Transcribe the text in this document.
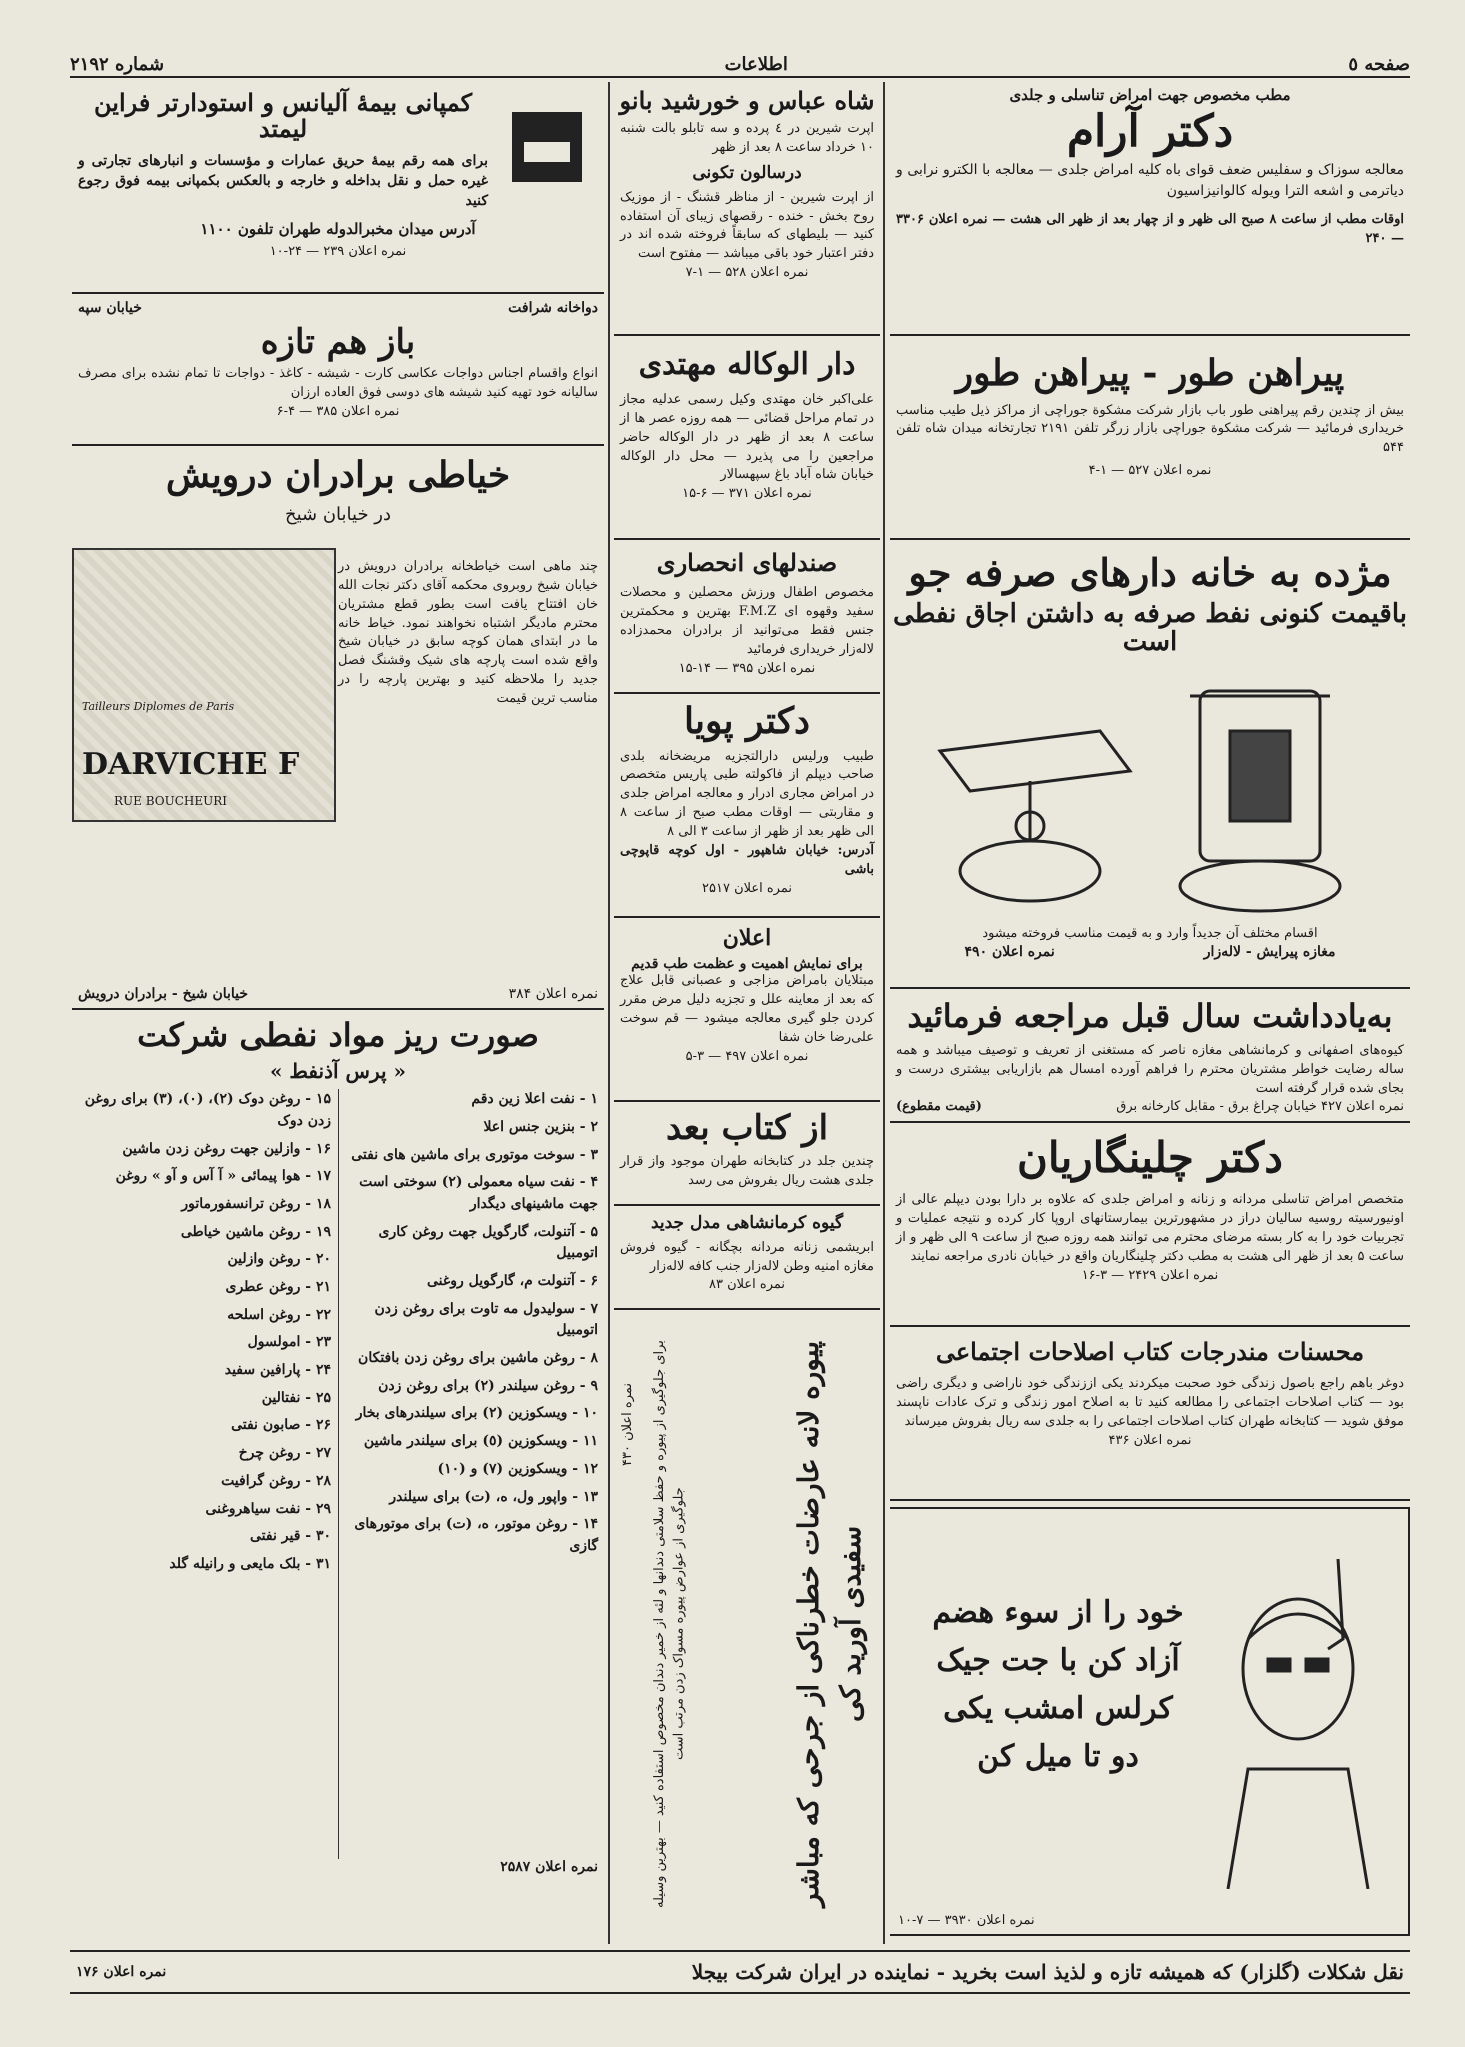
صفحه ٥
اطلاعات
شماره ۲۱۹۲
مطب مخصوص جهت امراض تناسلی و جلدی
دکتر آرام
معالجه سوزاک و سفلیس ضعف قوای باه کلیه امراض جلدی — معالجه با الکترو نرابی و دیاترمی و اشعه الترا ویوله کالوانیزاسیون
اوقات مطب از ساعت ۸ صبح الی ظهر و از چهار بعد از ظهر الی هشت — نمره اعلان ۳۳۰۶ — ۲۴۰
پیراهن طور - پیراهن طور
بیش از چندین رقم پیراهنی طور باب بازار شرکت مشکوة جوراچی از مراکز ذیل طیب مناسب خریداری فرمائید — شرکت مشکوة جوراچی بازار زرگر تلفن ۲۱۹۱ تجارتخانه میدان شاه تلفن ۵۴۴
نمره اعلان ۵۲۷ — ۱-۴
مژده به خانه دارهای صرفه جو
باقیمت کنونی نفط صرفه به داشتن اجاق نفطی است
اقسام مختلف آن جدیداً وارد و به قیمت مناسب فروخته میشود
مغازه پیرایش - لاله‌زار
نمره اعلان ۴۹۰
به‌یادداشت سال قبل مراجعه فرمائید
کیوه‌های اصفهانی و کرمانشاهی مغازه ناصر که مستغنی از تعریف و توصیف میباشد و همه ساله رضایت خواطر مشتریان محترم را فراهم آورده امسال هم بازاریابی بیشتری درست و بجای شده قرار گرفته است
نمره اعلان ۴۲۷ خیابان چراغ برق - مقابل کارخانه برق
(قیمت مقطوع)
دکتر چلینگاریان
متخصص امراض تناسلی مردانه و زنانه و امراض جلدی که علاوه بر دارا بودن دیپلم عالی از اونیورسیته روسیه سالیان دراز در مشهورترین بیمارستانهای اروپا کار کرده و نتیجه عملیات و تجربیات خود را به کار بسته مرضای محترم می توانند همه روزه صبح از ساعت ۹ الی ظهر و از ساعت ۵ بعد از ظهر الی هشت به مطب دکتر چلینگاریان واقع در خیابان نادری مراجعه نمایند
نمره اعلان ۲۴۲۹ — ۳-۱۶
محسنات مندرجات کتاب اصلاحات اجتماعی
دوغر باهم راجع باصول زندگی خود صحبت میکردند یکی اززندگی خود ناراضی و دیگری راضی بود — کتاب اصلاحات اجتماعی را مطالعه کنید تا به اصلاح امور زندگی و ترک عادات ناپسند موفق شوید — کتابخانه طهران کتاب اصلاحات اجتماعی را به جلدی سه ریال بفروش میرساند
نمره اعلان ۴۳۶
خود را از سوء هضم آزاد کن با جت جیک کرلس امشب یکی دو تا میل کن
نمره اعلان ۳۹۳۰ — ۷-۱۰
شاه عباس و خورشید بانو
اپرت شیرین در ٤ پرده و سه تابلو بالت شنبه ١٠ خرداد ساعت ٨ بعد از ظهر
درسالون تکونی
از اپرت شیرین - از مناظر قشنگ - از موزیک روح بخش - خنده - رقصهای زیبای آن استفاده کنید — بلیطهای که سابقاً فروخته شده اند در دفتر اعتبار خود باقی میباشد — مفتوح است
نمره اعلان ۵۲۸ — ۱-۷
دار الوکاله مهتدی
علی‌اکبر خان مهتدی وکیل رسمی عدلیه مجاز در تمام مراحل قضائی — همه روزه عصر ها از ساعت ۸ بعد از ظهر در دار الوکاله حاضر مراجعین را می پذیرد — محل دار الوکاله خیابان شاه آباد باغ سپهسالار
نمره اعلان ۳۷۱ — ۶-۱۵
صندلهای انحصاری
مخصوص اطفال ورزش محصلین و محصلات سفید وقهوه ای F.M.Z بهترین و محکمترین جنس فقط می‌توانید از برادران محمدزاده لاله‌زار خریداری فرمائید
نمره اعلان ۳۹۵ — ۱۴-۱۵
دکتر پویا
طبیب ورلیس دارالتجزیه مریضخانه بلدی صاحب دیپلم از فاکولته طبی پاریس متخصص در امراض مجاری ادرار و معالجه امراض جلدی و مقاربتی — اوقات مطب صبح از ساعت ۸ الی ظهر بعد از ظهر از ساعت ۳ الی ۸
آدرس: خیابان شاهپور - اول کوچه قاپوچی باشی
نمره اعلان ۲۵۱۷
اعلان
برای نمایش اهمیت و عظمت طب قدیم
مبتلایان بامراض مزاجی و عصبانی قابل علاج که بعد از معاینه علل و تجزیه دلیل مرض مقرر کردن جلو گیری معالجه میشود — قم سوخت علی‌رضا خان شفا
نمره اعلان ۴۹۷ — ۳-۵
از کتاب بعد
چندین جلد در کتابخانه طهران موجود واز قرار جلدی هشت ریال بفروش می رسد
گیوه کرمانشاهی مدل جدید
ابریشمی زنانه مردانه بچگانه - گیوه فروش مغازه امنیه وطن لاله‌زار جنب کافه لاله‌زار
نمره اعلان ۸۳
پیوره لانه عارضات خطرناکی از جرحی که مباشر سفیدی آورید کی
برای جلوگیری از پیوره و حفظ سلامتی دندانها و لثه از خمیر دندان مخصوص استفاده کنید — بهترین وسیله جلوگیری از عوارض پیوره مسواک زدن مرتب است
نمره اعلان ۴۳۰
کمپانی بیمهٔ آلیانس و استودارتر فراین لیمتد
برای همه رقم بیمهٔ حریق عمارات و مؤسسات و انبارهای تجارتی و غیره حمل و نقل بداخله و خارجه و بالعکس بکمپانی بیمه فوق رجوع کنید
آدرس میدان مخبرالدوله طهران تلفون ۱۱۰۰
نمره اعلان ۲۳۹ — ۲۴-۱۰
دواخانه شرافت
خیابان سپه
باز هم تازه
انواع واقسام اجناس دواجات عکاسی کارت - شیشه - کاغذ - دواجات تا تمام نشده برای مصرف سالیانه خود تهیه کنید شیشه های دوسی فوق العاده ارزان
نمره اعلان ۳۸۵ — ۴-۶
خیاطی برادران درویش
در خیابان شیخ
چند ماهی است خیاطخانه برادران درویش در خیابان شیخ روبروی محکمه آقای دکتر نجات الله خان افتتاح یافت است بطور قطع مشتریان محترم مادیگر اشتباه نخواهند نمود. خیاط خانه ما در ابتدای همان کوچه سابق در خیابان شیخ واقع شده است پارچه های شیک وقشنگ فصل جدید را ملاحظه کنید و بهترین پارچه را در مناسب ترین قیمت
Tailleurs Diplomes de Paris
DARVICHE F
RUE BOUCHEURI
نمره اعلان ۳۸۴
خیابان شیخ - برادران درویش
صورت ریز مواد نفطی شرکت
« پرس آذنفط »
۱ - نفت اعلا زین دقم
۲ - بنزین جنس اعلا
۳ - سوخت موتوری برای ماشین های نفتی
۴ - نفت سیاه معمولی (۲) سوختی است جهت ماشینهای دیگدار
۵ - آتنولت، گارگویل جهت روغن کاری اتومبیل
۶ - آتنولت م، گارگویل روغنی
۷ - سولیدول مه تاوت برای روغن زدن اتومبیل
۸ - روغن ماشین برای روغن زدن بافتکان
۹ - روغن سیلندر (۲) برای روغن زدن
۱۰ - ویسکوزین (۲) برای سیلندرهای بخار
۱۱ - ویسکوزین (٥) برای سیلندر ماشین
۱۲ - ویسکوزین (۷) و (۱۰)
۱۳ - واپور ول، ه، (ت) برای سیلندر
۱۴ - روغن موتور، ه، (ت) برای موتورهای گازی
۱۵ - روغن دوک (۲)، (۰)، (۳) برای روغن زدن دوک
۱۶ - وازلین جهت روغن زدن ماشین
۱۷ - هوا پیمائی « آ آس و آو » روغن
۱۸ - روغن ترانسفورماتور
۱۹ - روغن ماشین خیاطی
۲۰ - روغن وازلین
۲۱ - روغن عطری
۲۲ - روغن اسلحه
۲۳ - امولسول
۲۴ - پارافین سفید
۲۵ - نفتالین
۲۶ - صابون نفتی
۲۷ - روغن چرخ
۲۸ - روغن گرافیت
۲۹ - نفت سیاهروغنی
۳۰ - قیر نفتی
۳۱ - بلک مایعی و رانیله گلد
نمره اعلان ۲۵۸۷
نقل شکلات (گلزار) که همیشه تازه و لذیذ است بخرید - نماینده در ایران شرکت بیجلا
نمره اعلان ۱۷۶
